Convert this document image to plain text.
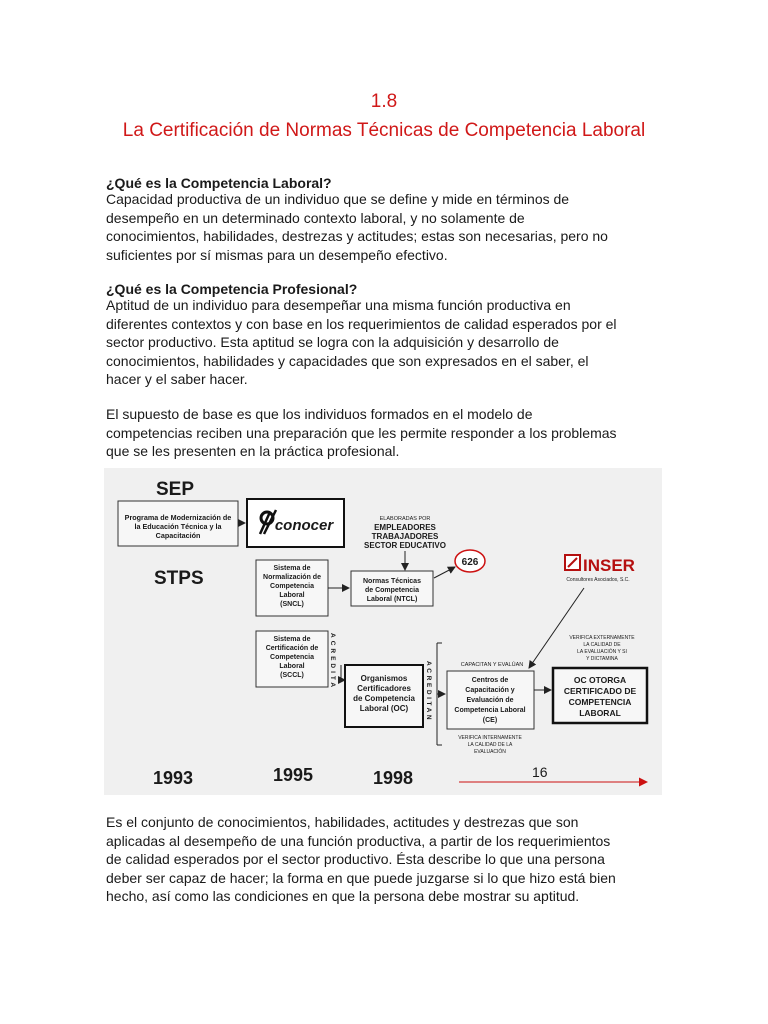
1.8
La Certificación de Normas Técnicas de Competencia Laboral
¿Qué es la Competencia Laboral?
Capacidad productiva de un individuo que se define y mide en términos de
desempeño en un determinado contexto laboral, y no solamente de
conocimientos, habilidades, destrezas y actitudes; estas son necesarias, pero no
suficientes por sí mismas para un desempeño efectivo.
¿Qué es la Competencia Profesional?
Aptitud de un individuo para desempeñar una misma función productiva en
diferentes contextos y con base en los requerimientos de calidad esperados por el
sector productivo. Esta aptitud se logra con la adquisición y desarrollo de
conocimientos, habilidades y capacidades que son expresados en el saber, el
hacer y el saber hacer.
El supuesto de base es que los individuos formados en el modelo de
competencias reciben una preparación que les permite responder a los problemas
que se les presenten en la práctica profesional.
SEP
Programa de Modernización de
la Educación Técnica y la
Capacitación
conocer	ELABORADAS POR
EMPLEADORES
TRABAJADORES
SECTOR EDUCATIVO
626	INSER
Consultores Asociados, S.C.
STPS	Sistema de
Normalización de
Competencia
Laboral
(SNCL)
Normas Técnicas
de Competencia
Laboral (NTCL)
Sistema de
Certificación de
Competencia
Laboral
(SCCL)	ACREDITA	Organismos
Certificadores
de Competencia
Laboral (OC)	ACREDITAN	CAPACITAN Y EVALÚAN
Centros de
Capacitación y
Evaluación de
Competencia Laboral
(CE)
VERIFICA INTERNAMENTE
LA CALIDAD DE LA
EVALUACIÓN
VERIFICA EXTERNAMENTE
LA CALIDAD DE
LA EVALUACIÓN Y SI
Y DICTAMINA
OC OTORGA
CERTIFICADO DE
COMPETENCIA
LABORAL
1993	1995	1998	16
Es el conjunto de conocimientos, habilidades, actitudes y destrezas que son
aplicadas al desempeño de una función productiva, a partir de los requerimientos
de calidad esperados por el sector productivo. Ésta describe lo que una persona
deber ser capaz de hacer; la forma en que puede juzgarse si lo que hizo está bien
hecho, así como las condiciones en que la persona debe mostrar su aptitud.
